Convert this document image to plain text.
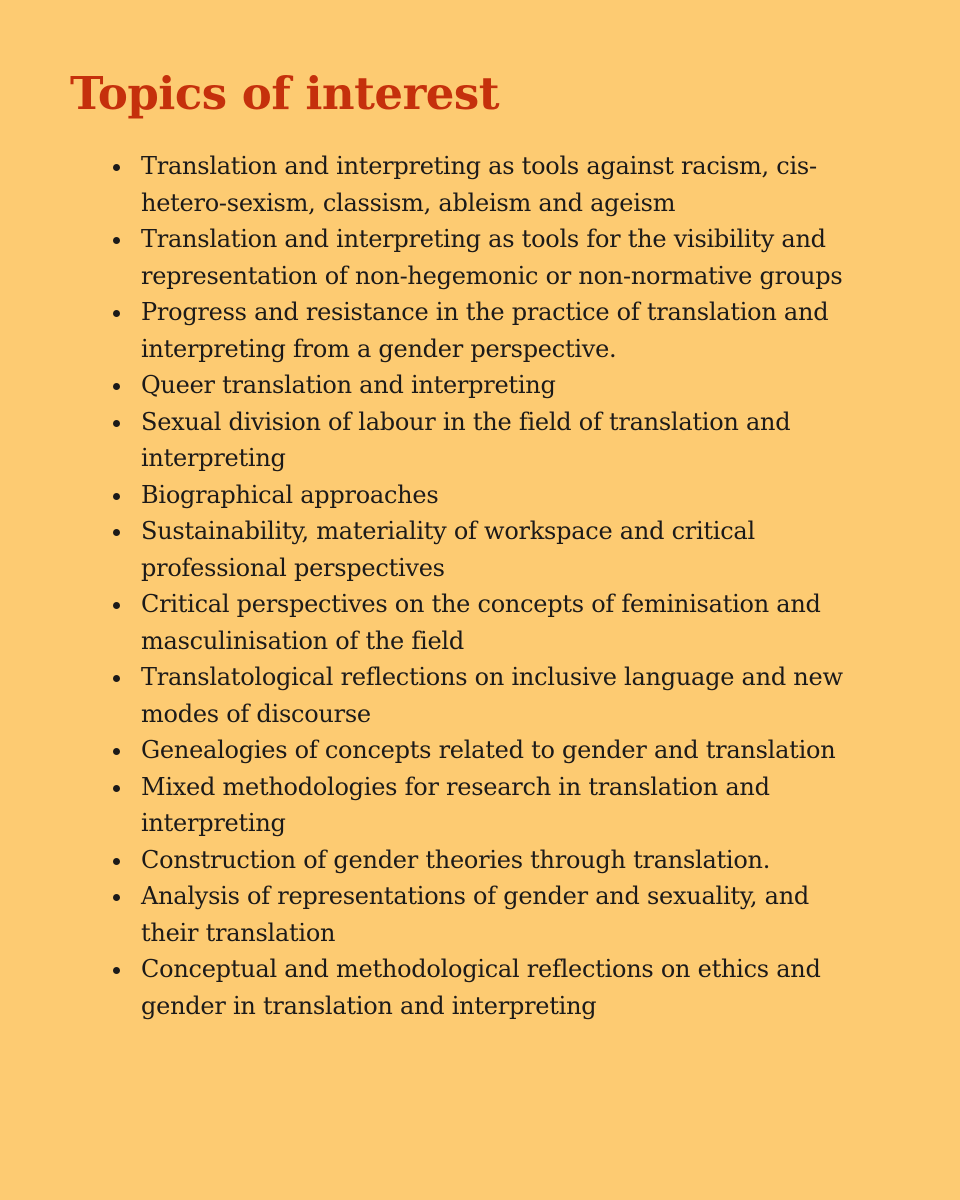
Topics of interest
Translation and interpreting as tools against racism, cis-hetero-sexism, classism, ableism and ageism
Translation and interpreting as tools for the visibility and representation of non-hegemonic or non-normative groups
Progress and resistance in the practice of translation and interpreting from a gender perspective.
Queer translation and interpreting
Sexual division of labour in the field of translation and interpreting
Biographical approaches
Sustainability, materiality of workspace and critical professional perspectives
Critical perspectives on the concepts of feminisation and masculinisation of the field
Translatological reflections on inclusive language and new modes of discourse
Genealogies of concepts related to gender and translation
Mixed methodologies for research in translation and interpreting
Construction of gender theories through translation.
Analysis of representations of gender and sexuality, and their translation
Conceptual and methodological reflections on ethics and gender in translation and interpreting
